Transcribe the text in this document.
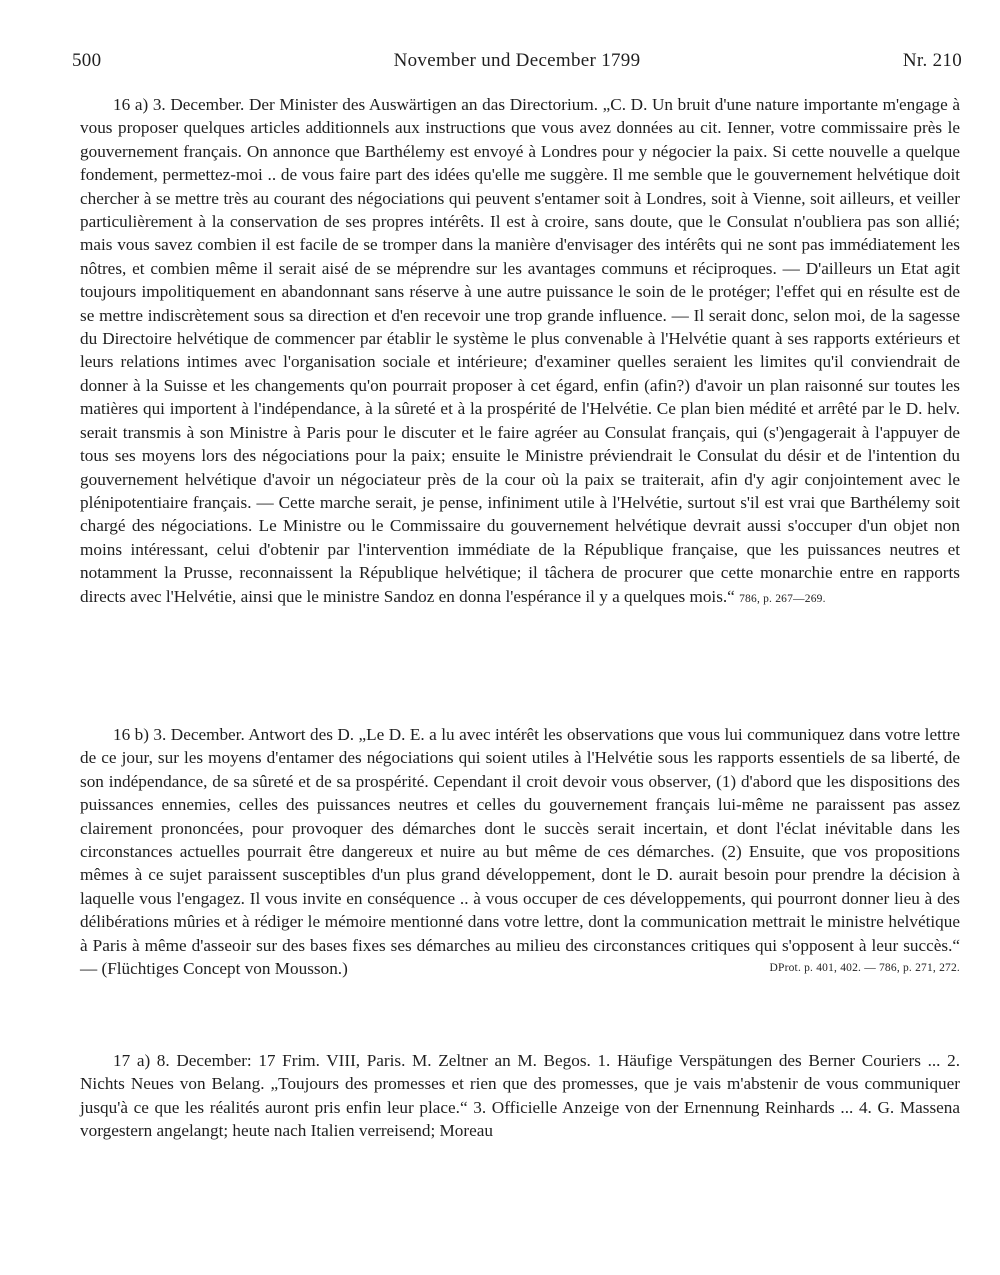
500	November und December 1799	Nr. 210

16 a) 3. December. Der Minister des Auswärtigen an das Directorium. „C. D. Un bruit d'une nature importante m'engage à vous proposer quelques articles additionnels aux instructions que vous avez données au cit. Ienner, votre commissaire près le gouvernement français. On annonce que Barthélemy est envoyé à Londres pour y négocier la paix. Si cette nouvelle a quelque fondement, permettez-moi .. de vous faire part des idées qu'elle me suggère. Il me semble que le gouvernement helvétique doit chercher à se mettre très au courant des négociations qui peuvent s'entamer soit à Londres, soit à Vienne, soit ailleurs, et veiller particulièrement à la conservation de ses propres intérêts. Il est à croire, sans doute, que le Consulat n'oubliera pas son allié; mais vous savez combien il est facile de se tromper dans la manière d'envisager des intérêts qui ne sont pas immédiatement les nôtres, et combien même il serait aisé de se méprendre sur les avantages communs et réciproques. — D'ailleurs un Etat agit toujours impolitiquement en abandonnant sans réserve à une autre puissance le soin de le protéger; l'effet qui en résulte est de se mettre indiscrètement sous sa direction et d'en recevoir une trop grande influence. — Il serait donc, selon moi, de la sagesse du Directoire helvétique de commencer par établir le système le plus convenable à l'Helvétie quant à ses rapports extérieurs et leurs relations intimes avec l'organisation sociale et intérieure; d'examiner quelles seraient les limites qu'il conviendrait de donner à la Suisse et les changements qu'on pourrait proposer à cet égard, enfin (afin?) d'avoir un plan raisonné sur toutes les matières qui importent à l'indépendance, à la sûreté et à la prospérité de l'Helvétie. Ce plan bien médité et arrêté par le D. helv. serait transmis à son Ministre à Paris pour le discuter et le faire agréer au Consulat français, qui (s')engagerait à l'appuyer de tous ses moyens lors des négociations pour la paix; ensuite le Ministre préviendrait le Consulat du désir et de l'intention du gouvernement helvétique d'avoir un négociateur près de la cour où la paix se traiterait, afin d'y agir conjointement avec le plénipotentiaire français. — Cette marche serait, je pense, infiniment utile à l'Helvétie, surtout s'il est vrai que Barthélemy soit chargé des négociations. Le Ministre ou le Commissaire du gouvernement helvétique devrait aussi s'occuper d'un objet non moins intéressant, celui d'obtenir par l'intervention immédiate de la République française, que les puissances neutres et notamment la Prusse, reconnaissent la République helvétique; il tâchera de procurer que cette monarchie entre en rapports directs avec l'Helvétie, ainsi que le ministre Sandoz en donna l'espérance il y a quelques mois.“ 786, p. 267—269.

16 b) 3. December. Antwort des D. „Le D. E. a lu avec intérêt les observations que vous lui communiquez dans votre lettre de ce jour, sur les moyens d'entamer des négociations qui soient utiles à l'Helvétie sous les rapports essentiels de sa liberté, de son indépendance, de sa sûreté et de sa prospérité. Cependant il croit devoir vous observer, (1) d'abord que les dispositions des puissances ennemies, celles des puissances neutres et celles du gouvernement français lui-même ne paraissent pas assez clairement prononcées, pour provoquer des démarches dont le succès serait incertain, et dont l'éclat inévitable dans les circonstances actuelles pourrait être dangereux et nuire au but même de ces démarches. (2) Ensuite, que vos propositions mêmes à ce sujet paraissent susceptibles d'un plus grand développement, dont le D. aurait besoin pour prendre la décision à laquelle vous l'engagez. Il vous invite en conséquence .. à vous occuper de ces développements, qui pourront donner lieu à des délibérations mûries et à rédiger le mémoire mentionné dans votre lettre, dont la communication mettrait le ministre helvétique à Paris à même d'asseoir sur des bases fixes ses démarches au milieu des circonstances critiques qui s'opposent à leur succès.“ — (Flüchtiges Concept von Mousson.)	DProt. p. 401, 402. — 786, p. 271, 272.

17 a) 8. December: 17 Frim. VIII, Paris. M. Zeltner an M. Begos. 1. Häufige Verspätungen des Berner Couriers ... 2. Nichts Neues von Belang. „Toujours des promesses et rien que des promesses, que je vais m'abstenir de vous communiquer jusqu'à ce que les réalités auront pris enfin leur place.“ 3. Officielle Anzeige von der Ernennung Reinhards ... 4. G. Massena vorgestern angelangt; heute nach Italien verreisend; Moreau
